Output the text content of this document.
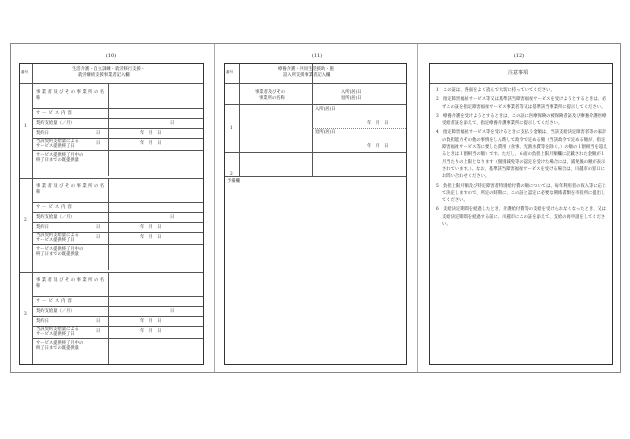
(10)	(11)	(12)
番号	生活介護・自立訓練・就労移行支援・
就労継続支援事業者記入欄
1
事業者及びその事業所の名称
サービス内容
契約支給量（／月）	日
契約日	日	年　月　日
当該契約支給量による
サービス提供終了日
日	年　月　日
サービス提供終了月中の
終了日までの既提供量
2
事業者及びその事業所の名称
サービス内容
契約支給量（／月）	日
契約日	日	年　月　日
当該契約支給量による
サービス提供終了日
日	年　月　日
サービス提供終了月中の
終了日までの既提供量
3
事業者及びその事業所の名称
サービス内容
契約支給量（／月）	日
契約日	日	年　月　日
当該契約支給量による
サービス提供終了日
日	年　月　日
サービス提供終了月中の
終了日までの既提供量
番号	療養介護・共同生活援助・施
設入所支援事業者記入欄
事業者及びその
事業所の名称
入所(居)日
退所(居)日
1
入所(居)日
年　月　日
退所(居)日
年　月　日
2
予備欄
注意事項
1　この証は、各面をよく読んで大切に持っていてください。
2　指定障害福祉サービス等又は基準該当障害福祉サービスを受けようとするときは、必ずこの証を指定障害福祉サービス事業者等又は基準該当事業所に提示してください。
3　療養介護を受けようとするときは、この証に医療保険の被保険者証及び療養介護医療受給者証を添えて、指定療養介護事業所に提示してください。
4　指定障害福祉サービス等を受けるときに支払う金額は、当該支給決定障害者等の家計の負担能力その他の事情をしん酌して政令で定める額（当該政令で定める額が、指定障害福祉サービス等に要した費用（食事、光熱水費等を除く。）の額の１割相当を超えるときは１割相当の額）です。ただし、６面の負担上限月額欄に記載された金額が１月当たりの上限となります（個別減免等の認定を受けた場合には、減免後の額が表示されています。）。なお、基準該当障害福祉サービスを受ける場合は、川越市の窓口にお問い合わせください。
5　負担上限月額及び特定障害者特別給付費の額については、毎年利用者の収入等に応じて決定しますので、所定の時期に、この証と認定に必要な関係書類を市役所に提出してください。
6　支給決定期間を経過したとき、介護給付費等の支給を受けられなくなったとき、又は支給決定期間を経過する前に、川越市にこの証を添えて、支給の再申請をしてください。
